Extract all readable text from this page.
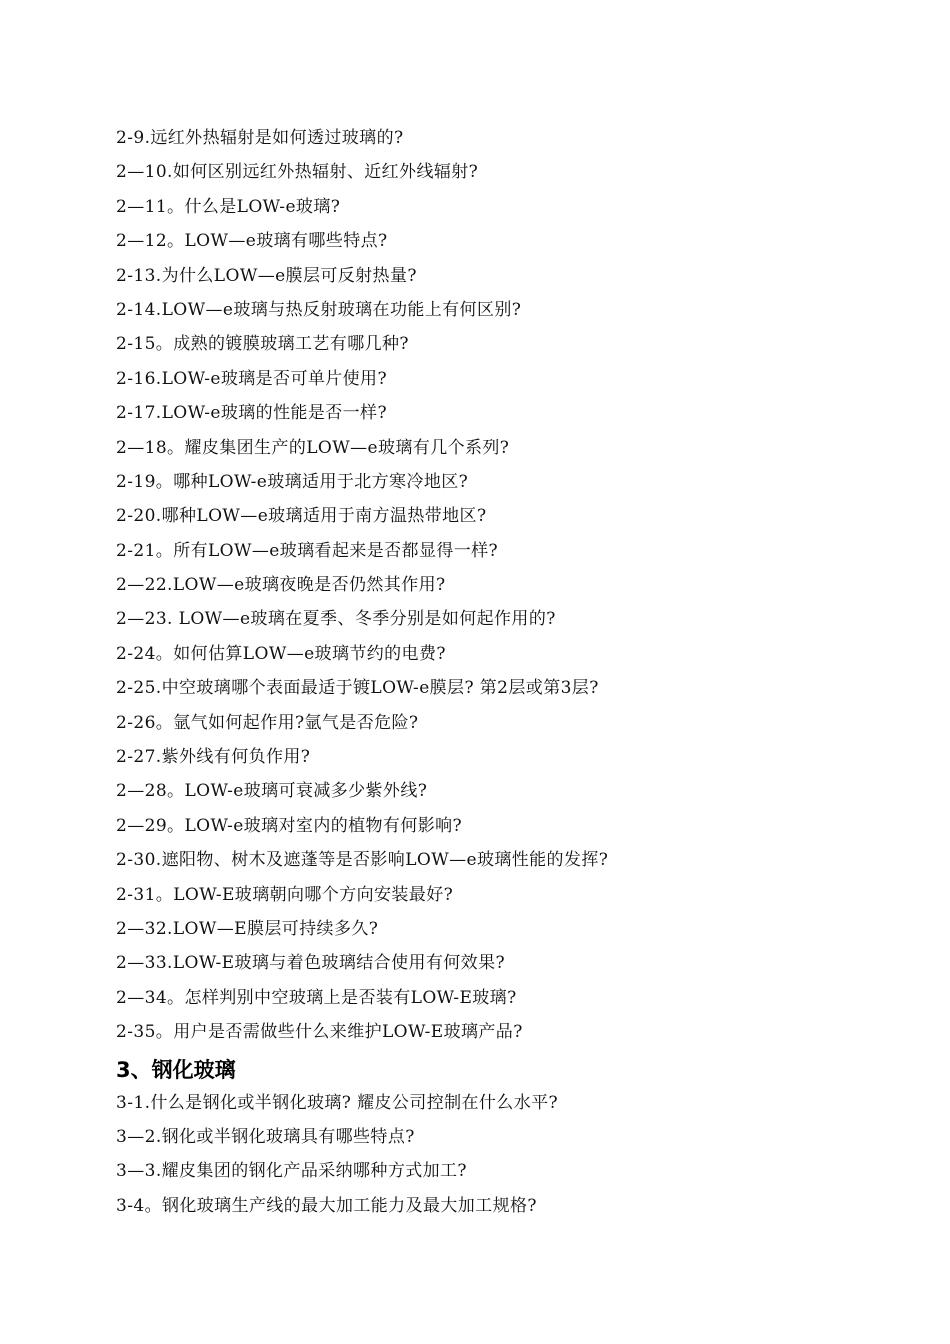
2-9.远红外热辐射是如何透过玻璃的?
2—10.如何区别远红外热辐射、近红外线辐射?
2—11。什么是LOW-e玻璃?
2—12。LOW—e玻璃有哪些特点?
2-13.为什么LOW—e膜层可反射热量?
2-14.LOW—e玻璃与热反射玻璃在功能上有何区别?
2-15。成熟的镀膜玻璃工艺有哪几种?
2-16.LOW-e玻璃是否可单片使用?
2-17.LOW-e玻璃的性能是否一样?
2—18。耀皮集团生产的LOW—e玻璃有几个系列?
2-19。哪种LOW-e玻璃适用于北方寒冷地区?
2-20.哪种LOW—e玻璃适用于南方温热带地区?
2-21。所有LOW—e玻璃看起来是否都显得一样?
2—22.LOW—e玻璃夜晚是否仍然其作用?
2—23. LOW—e玻璃在夏季、冬季分别是如何起作用的?
2-24。如何估算LOW—e玻璃节约的电费?
2-25.中空玻璃哪个表面最适于镀LOW-e膜层? 第2层或第3层?
2-26。氩气如何起作用?氩气是否危险?
2-27.紫外线有何负作用?
2—28。LOW-e玻璃可衰减多少紫外线?
2—29。LOW-e玻璃对室内的植物有何影响?
2-30.遮阳物、树木及遮蓬等是否影响LOW—e玻璃性能的发挥?
2-31。LOW-E玻璃朝向哪个方向安装最好?
2—32.LOW—E膜层可持续多久?
2—33.LOW-E玻璃与着色玻璃结合使用有何效果?
2—34。怎样判别中空玻璃上是否装有LOW-E玻璃?
2-35。用户是否需做些什么来维护LOW-E玻璃产品?
3、钢化玻璃
3-1.什么是钢化或半钢化玻璃? 耀皮公司控制在什么水平?
3—2.钢化或半钢化玻璃具有哪些特点?
3—3.耀皮集团的钢化产品采纳哪种方式加工?
3-4。钢化玻璃生产线的最大加工能力及最大加工规格?
